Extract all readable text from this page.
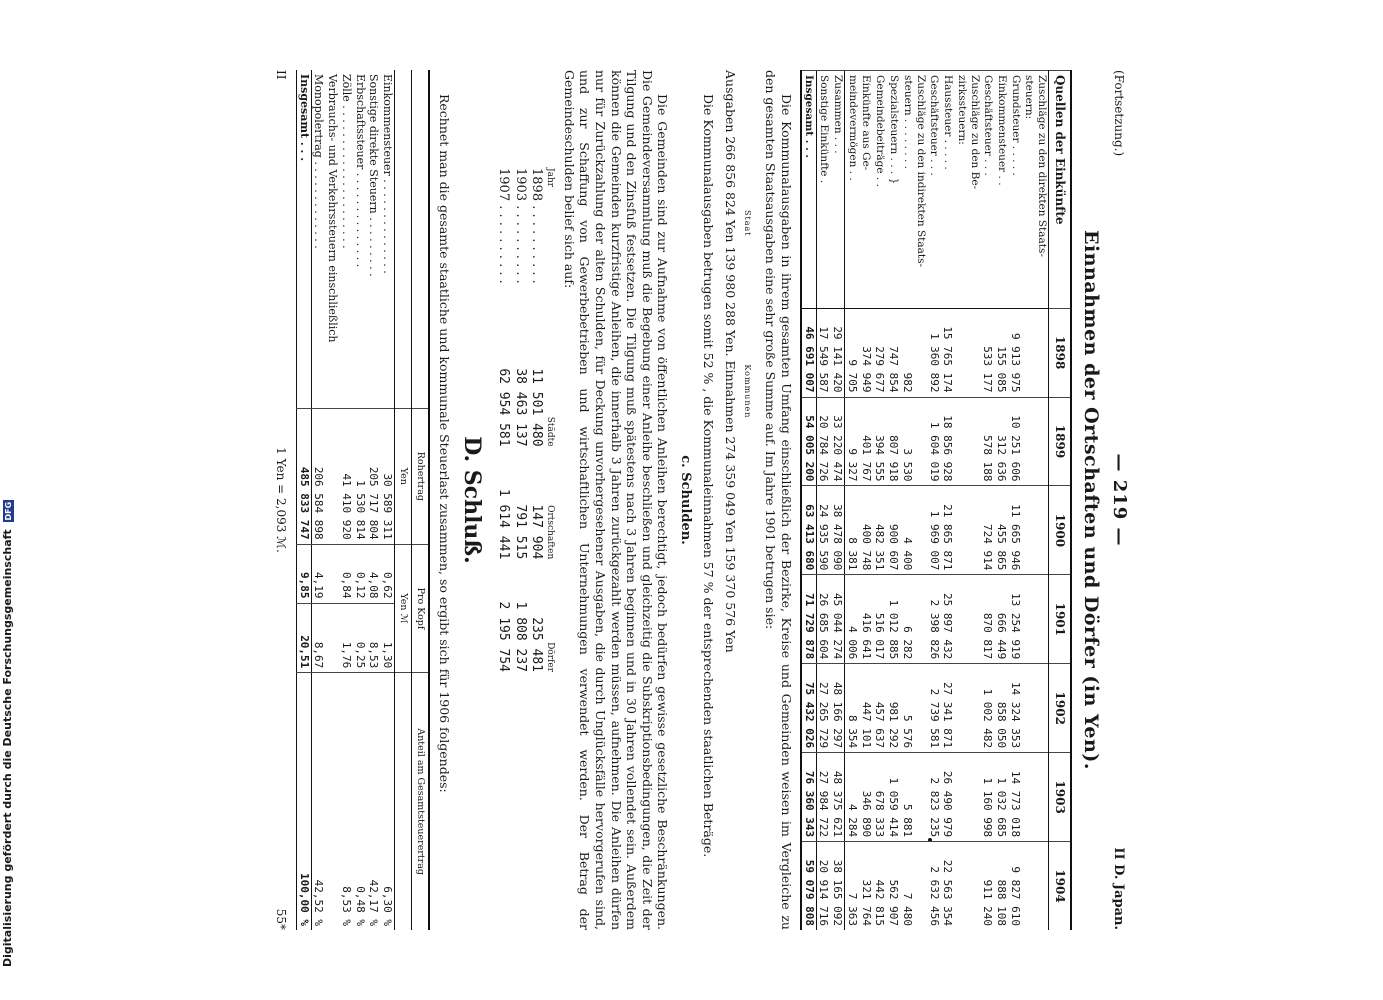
Digitalisierung gefördert durch die Deutsche Forschungsgemeinschaft DFG
(Fortsetzung.)
— 219 —
II D. Japan.
Einnahmen der Ortschaften und Dörfer (in Yen).
Quellen der Einkünfte	1898	1899	1900	1901	1902	1903	1904
Zuschläge zu den direkten Staats-							
steuern:							
Grundsteuer . . . . .	9 913 975	10 251 606	11 665 946	13 254 919	14 324 353	14 773 018	9 827 610
Einkommensteuer . .	155 085	312 636	455 865	666 449	858 050	1 032 685	888 108
Geschäftsteuer . . .	533 177	578 188	724 914	870 817	1 002 482	1 160 998	911 240
Zuschläge zu den Be-							
zirkssteuern:							
Haussteuer . . . . .	15 765 174	18 856 928	21 865 871	25 897 432	27 341 871	26 490 979	22 563 354
Geschäftsteuer . . .	1 360 892	1 604 019	1 969 007	2 398 826	2 739 581	2 823 235	2 632 456
Zuschläge zu den indirekten Staats-							
steuern . . . . . . . .	982	3 530	4 400	6 282	5 576	5 881	7 480
Spezialsteuern . . . }	747 854	807 918	900 607	1 012 885	981 292	1 059 414	562 907
Gemeindebeiträge . .	279 677	394 555	482 351	516 017	457 637	678 333	442 815
Einkünfte aus Ge-	374 949	401 767	400 748	416 641	447 101	346 890	321 764
meindevermögen . .	9 705	9 327	8 381	4 006	8 354	4 284	7 363
Zusammen . . .	29 141 420	33 220 474	38 478 090	45 044 274	48 166 297	48 375 621	38 165 092
Sonstige Einkünfte .	17 549 587	20 784 726	24 935 590	26 685 604	27 265 729	27 984 722	20 914 716
Insgesamt . . .	46 691 007	54 005 200	63 413 680	71 729 878	75 432 026	76 360 343	59 079 808

Die Kommunalausgaben in ihrem gesamten Umfang einschließlich der Bezirke, Kreise und Gemeinden weisen im Vergleiche zu den gesamten Staatsausgaben eine sehr große Summe auf. Im Jahre 1901 betrugen sie:

Staat  Kommunen
Ausgaben 266 856 824 Yen 139 980 288 Yen. Einnahmen 274 359 049 Yen 159 370 576 Yen

Die Kommunalausgaben betrugen somit 52 % , die Kommunaleinnahmen 57 % der entsprechenden staatlichen Beträge.

c. Schulden.

Die Gemeinden sind zur Aufnahme von öffentlichen Anleihen berechtigt, jedoch bedürfen gewisse gesetzliche Beschränkungen. Die Gemeindeversammlung muß die Begebung einer Anleihe beschließen und gleichzeitig die Subskriptionsbedingungen, die Zeit der Tilgung und den Zinsfuß festsetzen. Die Tilgung muß spätestens nach 3 Jahren beginnen und in 30 Jahren vollendet sein. Außerdem können die Gemeinden kurzfristige Anleihen, die innerhalb 3 Jahren zurückgezahlt werden müssen, aufnehmen. Die Anleihen dürfen nur für Zurückzahlung der alten Schulden, für Deckung unvorhergesehener Ausgaben, die durch Unglücksfälle hervorgerufen sind, und zur Schaffung von Gewerbebetrieben und wirtschaftlichen Unternehmungen verwendet werden. Der Betrag der Gemeindeschulden belief sich auf:

Jahr	Städte	Ortschaften	Dörfer
1898 . . . . . . . . . .	11 501 480	147 904	235 481
1903 . . . . . . . . . .	38 463 137	791 515	1 808 237
1907 . . . . . . . . . .	62 954 581	1 614 441	2 195 754
D. Schluß.

Rechnet man die gesamte staatliche und kommunale Steuerlast zusammen, so ergibt sich für 1906 folgendes:

	Rohertrag	Pro Kopf		Anteil am Gesamtsteuerertrag
	Yen	Yen ℳ		
Einkommensteuer . . . . . . . . . . . . . .	30 589 311	0,62	1,30	6,30 %
Sonstige direkte Steuern . . . . . . . . .	205 717 804	4,08	8,53	42,17 %
Erbschaftssteuer . . . . . . . . . . . . . .	1 530 814	0,12	0,25	0,48 %
Zölle . . . . . . . . . . . . . . . . . . . . .	41 410 920	0,84	1,76	8,53 %
Verbrauchs- und Verkehrssteuern einschließlich				
Monopolertrag . . . . . . . . . . . . .	206 584 898	4,19	8,67	42,52 %
Insgesamt . . .	485 833 747	9,85	20,51	100,00 %
II
1 Yen = 2,093 ℳ.
55*
